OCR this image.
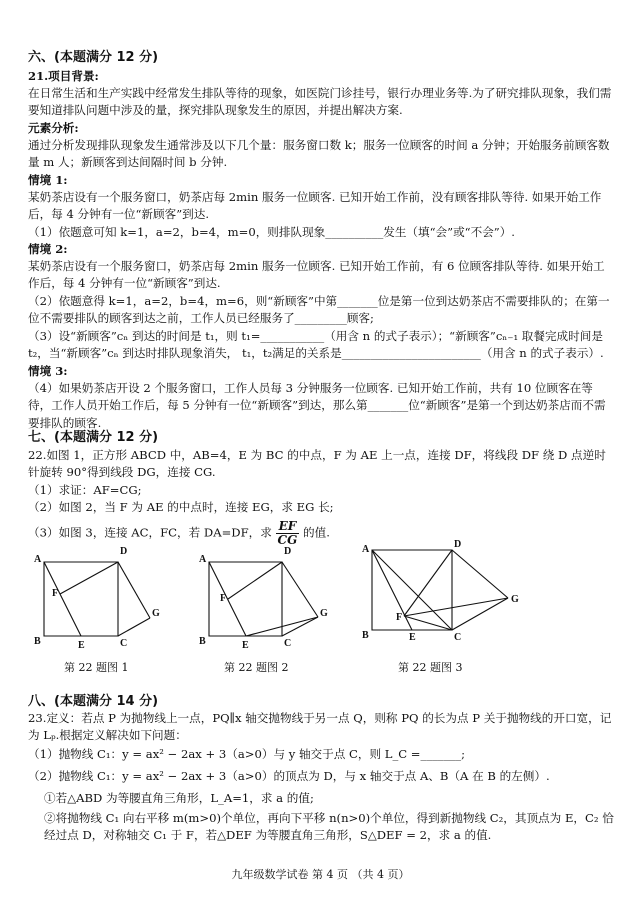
六、(本题满分 12 分)
21.项目背景:
在日常生活和生产实践中经常发生排队等待的现象，如医院门诊挂号，银行办理业务等.为了研究排队现象，我们需要知道排队问题中涉及的量，探究排队现象发生的原因，并提出解决方案.
元素分析:
通过分析发现排队现象发生通常涉及以下几个量：服务窗口数 k；服务一位顾客的时间 a 分钟；开始服务前顾客数量 m 人；新顾客到达间隔时间 b 分钟.
情境 1:
某奶茶店设有一个服务窗口，奶茶店每 2min 服务一位顾客. 已知开始工作前，没有顾客排队等待. 如果开始工作后，每 4 分钟有一位“新顾客”到达.
（1）依题意可知 k=1，a=2，b=4，m=0，则排队现象__________发生（填“会”或“不会”）.
情境 2:
某奶茶店设有一个服务窗口，奶茶店每 2min 服务一位顾客. 已知开始工作前，有 6 位顾客排队等待. 如果开始工作后，每 4 分钟有一位“新顾客”到达.
（2）依题意得 k=1，a=2，b=4，m=6，则“新顾客”中第_______位是第一位到达奶茶店不需要排队的；在第一位不需要排队的顾客到达之前，工作人员已经服务了_________顾客;
（3）设“新顾客”cₙ 到达的时间是 t₁，则 t₁=___________（用含 n 的式子表示）；“新顾客”cₙ₋₁ 取餐完成时间是 t₂，当“新顾客”cₙ 到达时排队现象消失， t₁，t₂满足的关系是________________________（用含 n 的式子表示）.
情境 3:
（4）如果奶茶店开设 2 个服务窗口，工作人员每 3 分钟服务一位顾客. 已知开始工作前，共有 10 位顾客在等待，工作人员开始工作后，每 5 分钟有一位“新顾客”到达，那么第_______位“新顾客”是第一个到达奶茶店而不需要排队的顾客.
七、(本题满分 12 分)
22.如图 1，正方形 ABCD 中，AB=4，E 为 BC 的中点，F 为 AE 上一点，连接 DF，将线段 DF 绕 D 点逆时针旋转 90°得到线段 DG，连接 CG.
（1）求证：AF=CG;
（2）如图 2，当 F 为 AE 的中点时，连接 EG，求 EG 长;
（3）如图 3，连接 AC，FC，若 DA=DF，求 $\frac{EF}{CG}$ 的值.
A
D
B	E	C
F
G
A
D
B	E	C
F
G
A	D
B	E	C
F
G
第 22 题图 1	第 22 题图 2	第 22 题图 3
八、(本题满分 14 分)
23.定义：若点 P 为抛物线上一点，PQ∥x 轴交抛物线于另一点 Q，则称 PQ 的长为点 P 关于抛物线的开口宽，记为 Lₚ.根据定义解决如下问题：
（1）抛物线 C₁：y = ax² − 2ax + 3（a>0）与 y 轴交于点 C，则 L_C =_______;
（2）抛物线 C₁：y = ax² − 2ax + 3（a>0）的顶点为 D，与 x 轴交于点 A、B（A 在 B 的左侧）.
①若△ABD 为等腰直角三角形，L_A=1，求 a 的值;
②将抛物线 C₁ 向右平移 m(m>0)个单位，再向下平移 n(n>0)个单位，得到新抛物线 C₂，其顶点为 E，C₂ 恰经过点 D，对称轴交 C₁ 于 F，若△DEF 为等腰直角三角形，S△DEF = 2，求 a 的值.
九年级数学试卷 第 4 页 （共 4 页）
